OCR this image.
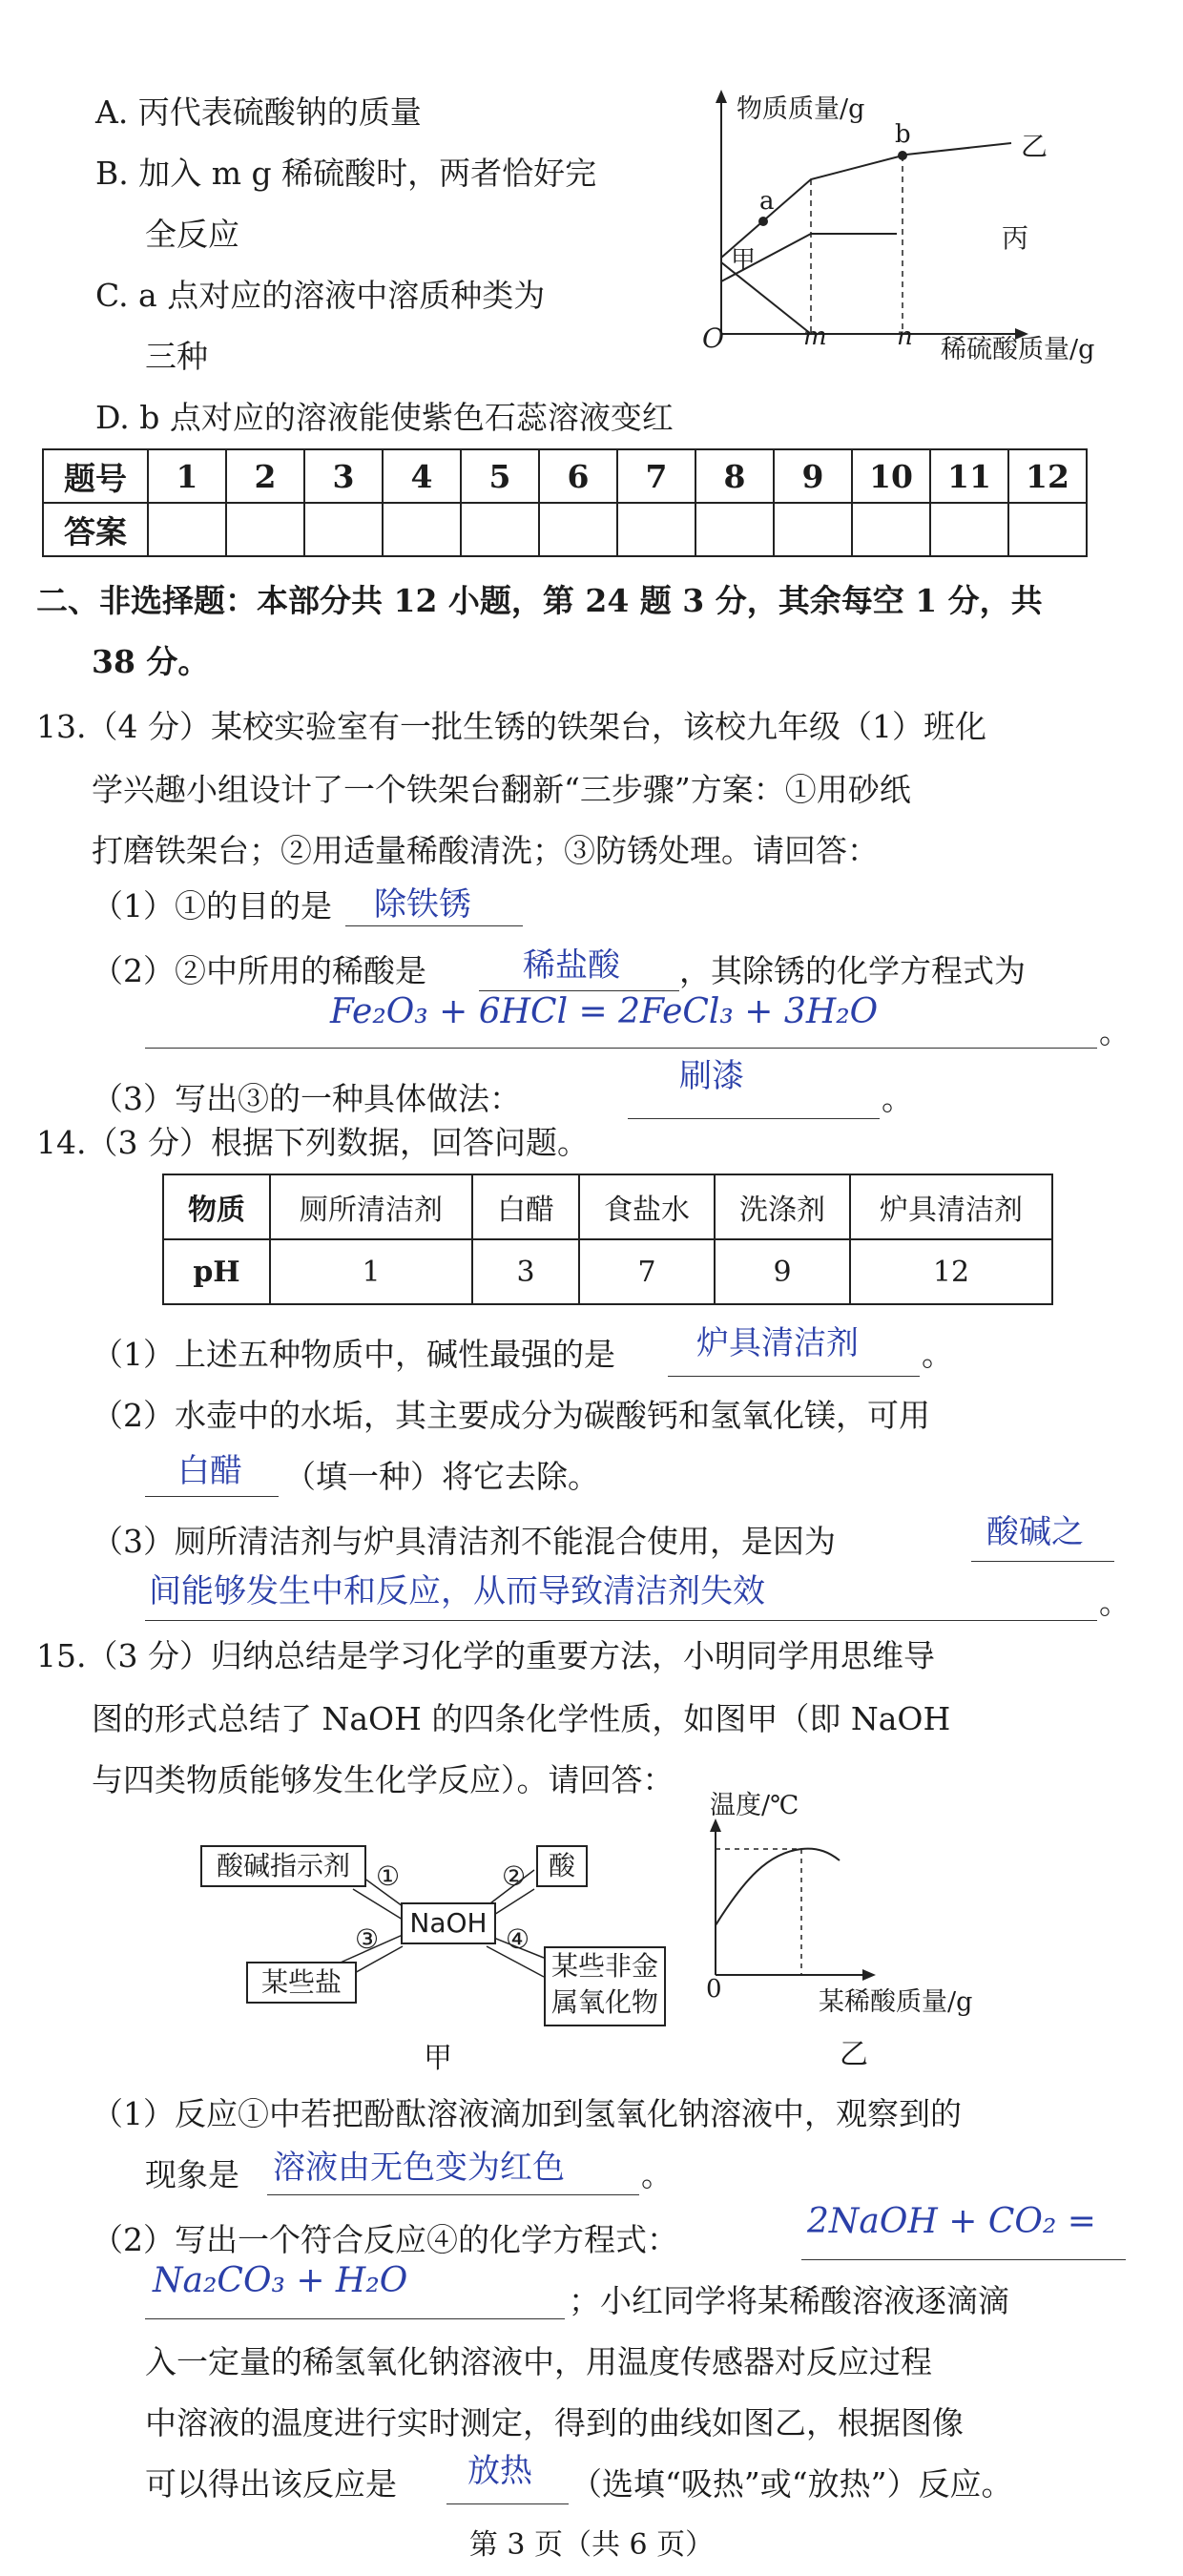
A. 丙代表硫酸钠的质量
B. 加入 m g 稀硫酸时，两者恰好完
全反应
C. a 点对应的溶液中溶质种类为
三种
D. b 点对应的溶液能使紫色石蕊溶液变红
物质质量/g
O	m	n 稀硫酸质量/g
乙
丙
甲
a
b
题号	1	2	3	4	5	6	7	8	9	10	11	12
答案												
二、非选择题：本部分共 12 小题，第 24 题 3 分，其余每空 1 分，共
38 分。
13.（4 分）某校实验室有一批生锈的铁架台，该校九年级（1）班化
学兴趣小组设计了一个铁架台翻新“三步骤”方案：①用砂纸
打磨铁架台；②用适量稀酸清洗；③防锈处理。请回答：
（1）①的目的是 除铁锈
（2）②中所用的稀酸是	稀盐酸 ，其除锈的化学方程式为
Fe₂O₃ + 6HCl = 2FeCl₃ + 3H₂O
。
（3）写出③的一种具体做法：
刷漆
。
14.（3 分）根据下列数据，回答问题。
物质	厕所清洁剂	白醋	食盐水	洗涤剂	炉具清洁剂
pH	1	3	7	9	12
（1）上述五种物质中，碱性最强的是	炉具清洁剂 。
（2）水壶中的水垢，其主要成分为碳酸钙和氢氧化镁，可用
白醋 （填一种）将它去除。
（3）厕所清洁剂与炉具清洁剂不能混合使用，是因为	酸碱之
间能够发生中和反应，从而导致清洁剂失效	。
15.（3 分）归纳总结是学习化学的重要方法，小明同学用思维导
图的形式总结了 NaOH 的四条化学性质，如图甲（即 NaOH
与四类物质能够发生化学反应）。请回答：
酸碱指示剂	酸
NaOH
某些盐
某些非金
属氧化物
①	②
③	④
甲
温度/℃
0	某稀酸质量/g
乙
（1）反应①中若把酚酞溶液滴加到氢氧化钠溶液中，观察到的
现象是 溶液由无色变为红色 。
（2）写出一个符合反应④的化学方程式：	2NaOH + CO₂ =
Na₂CO₃ + H₂O
；小红同学将某稀酸溶液逐滴滴
入一定量的稀氢氧化钠溶液中，用温度传感器对反应过程
中溶液的温度进行实时测定，得到的曲线如图乙，根据图像
可以得出该反应是 放热 （选填“吸热”或“放热”）反应。
第 3 页（共 6 页）
